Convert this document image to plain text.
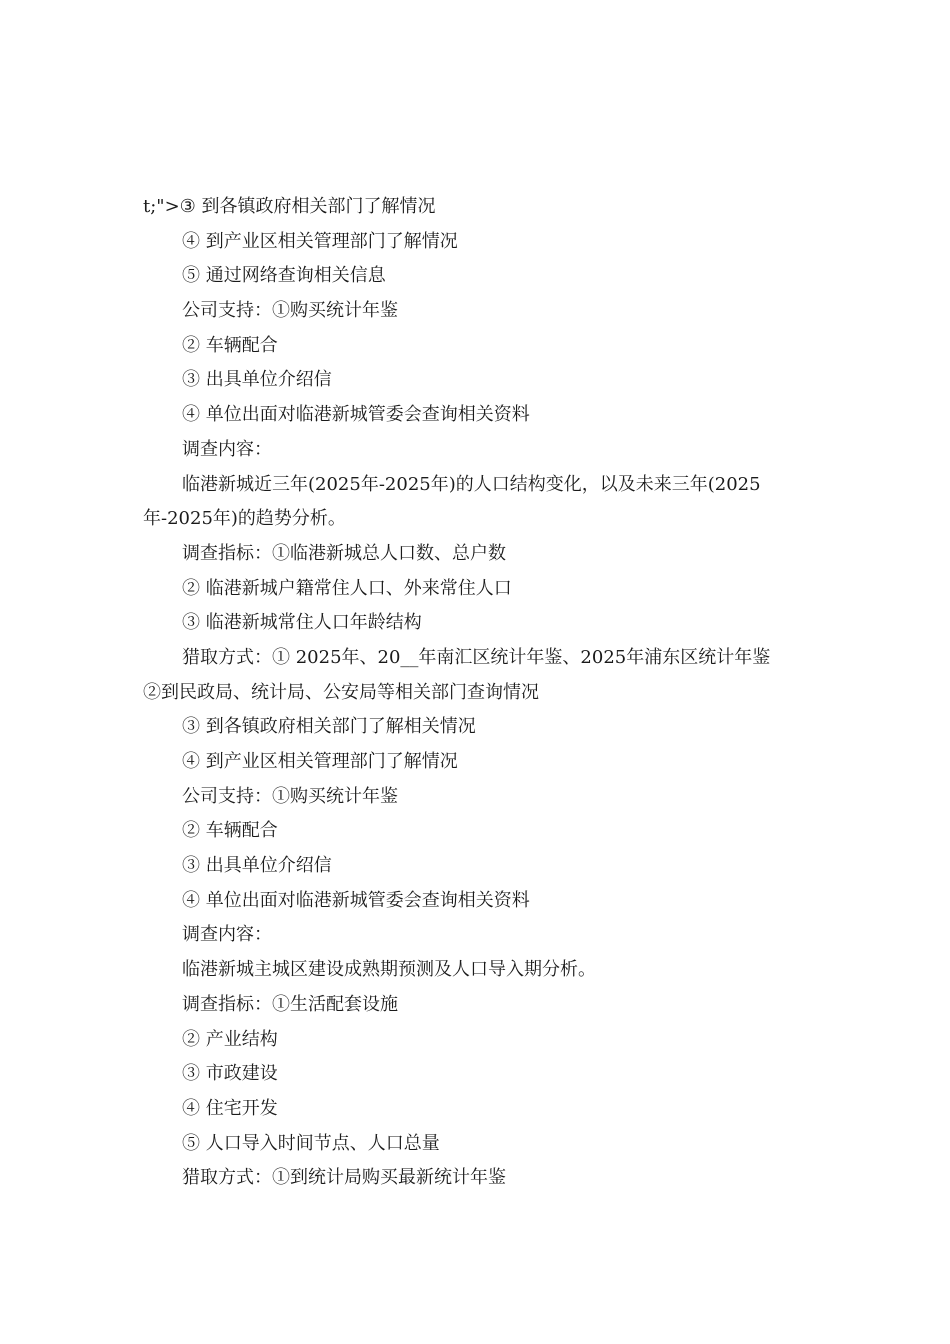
t;">③ 到各镇政府相关部门了解情况
④ 到产业区相关管理部门了解情况
⑤ 通过网络查询相关信息
公司支持：①购买统计年鉴
② 车辆配合
③ 出具单位介绍信
④ 单位出面对临港新城管委会查询相关资料
调查内容：
临港新城近三年(2025年-2025年)的人口结构变化，以及未来三年(2025
年-2025年)的趋势分析。
调查指标：①临港新城总人口数、总户数
② 临港新城户籍常住人口、外来常住人口
③ 临港新城常住人口年龄结构
猎取方式：① 2025年、20__年南汇区统计年鉴、2025年浦东区统计年鉴
②到民政局、统计局、公安局等相关部门查询情况
③ 到各镇政府相关部门了解相关情况
④ 到产业区相关管理部门了解情况
公司支持：①购买统计年鉴
② 车辆配合
③ 出具单位介绍信
④ 单位出面对临港新城管委会查询相关资料
调查内容：
临港新城主城区建设成熟期预测及人口导入期分析。
调查指标：①生活配套设施
② 产业结构
③ 市政建设
④ 住宅开发
⑤ 人口导入时间节点、人口总量
猎取方式：①到统计局购买最新统计年鉴
